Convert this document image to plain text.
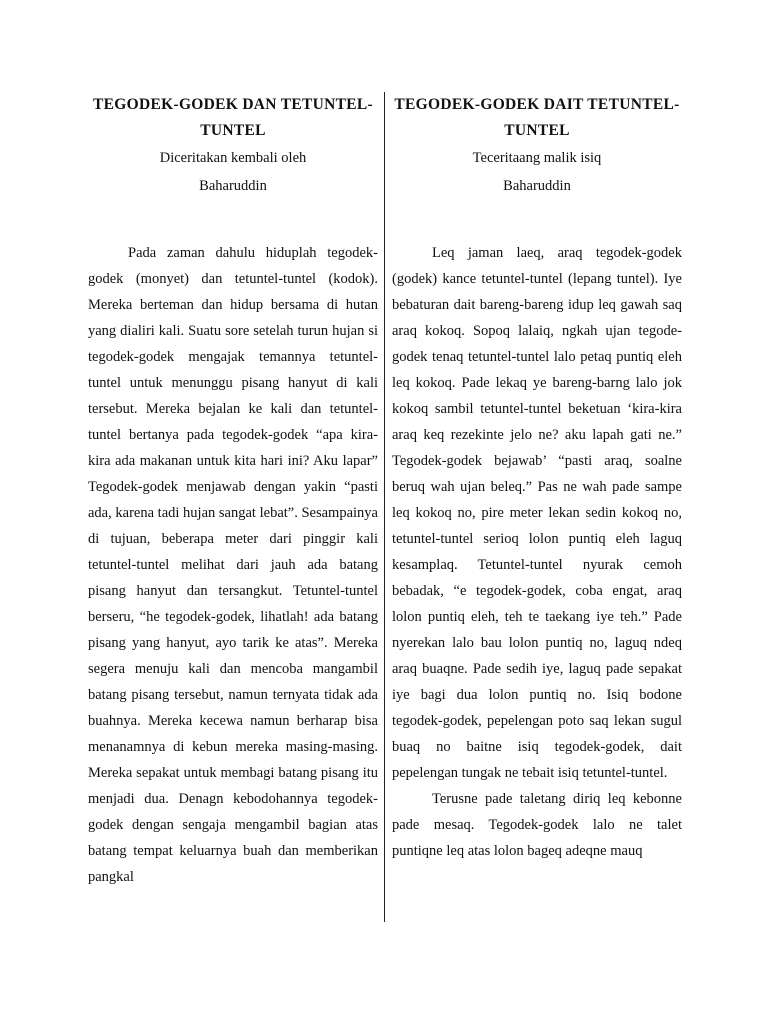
TEGODEK-GODEK DAN TETUNTEL-TUNTEL

Diceritakan kembali oleh

Baharuddin

Pada zaman dahulu hiduplah tegodek-godek (monyet) dan tetuntel-tuntel (kodok). Mereka berteman dan hidup bersama di hutan yang dialiri kali. Suatu sore setelah turun hujan si tegodek-godek mengajak temannya tetuntel-tuntel untuk menunggu pisang hanyut di kali tersebut. Mereka bejalan ke kali dan tetuntel-tuntel bertanya pada tegodek-godek “apa kira-kira ada makanan untuk kita hari ini? Aku lapar” Tegodek-godek menjawab dengan yakin “pasti ada, karena tadi hujan sangat lebat”. Sesampainya di tujuan, beberapa meter dari pinggir kali tetuntel-tuntel melihat dari jauh ada batang pisang hanyut dan tersangkut. Tetuntel-tuntel berseru, “he tegodek-godek, lihatlah! ada batang pisang yang hanyut, ayo tarik ke atas”. Mereka segera menuju kali dan mencoba mangambil batang pisang tersebut, namun ternyata tidak ada buahnya. Mereka kecewa namun berharap bisa menanamnya di kebun mereka masing-masing. Mereka sepakat untuk membagi batang pisang itu menjadi dua. Denagn kebodohannya tegodek-godek dengan sengaja mengambil bagian atas batang tempat keluarnya buah dan memberikan pangkal

TEGODEK-GODEK DAIT TETUNTEL-TUNTEL

Teceritaang malik isiq

Baharuddin

Leq jaman laeq, araq tegodek-godek (godek) kance tetuntel-tuntel (lepang tuntel). Iye bebaturan dait bareng-bareng idup leq gawah saq araq kokoq. Sopoq lalaiq, ngkah ujan tegode-godek tenaq tetuntel-tuntel lalo petaq puntiq eleh leq kokoq. Pade lekaq ye bareng-barng lalo jok kokoq sambil tetuntel-tuntel beketuan ‘kira-kira araq keq rezekinte jelo ne? aku lapah gati ne.” Tegodek-godek bejawab’ “pasti araq, soalne beruq wah ujan beleq.” Pas ne wah pade sampe leq kokoq no, pire meter lekan sedin kokoq no, tetuntel-tuntel serioq lolon puntiq eleh laguq kesamplaq. Tetuntel-tuntel nyurak cemoh bebadak, “e tegodek-godek, coba engat, araq lolon puntiq eleh, teh te taekang iye teh.” Pade nyerekan lalo bau lolon puntiq no, laguq ndeq araq buaqne. Pade sedih iye, laguq pade sepakat iye bagi dua lolon puntiq no. Isiq bodone tegodek-godek, pepelengan poto saq lekan sugul buaq no baitne isiq tegodek-godek, dait pepelengan tungak ne tebait isiq tetuntel-tuntel.

Terusne pade taletang diriq leq kebonne pade mesaq. Tegodek-godek lalo ne talet puntiqne leq atas lolon bageq adeqne mauq
